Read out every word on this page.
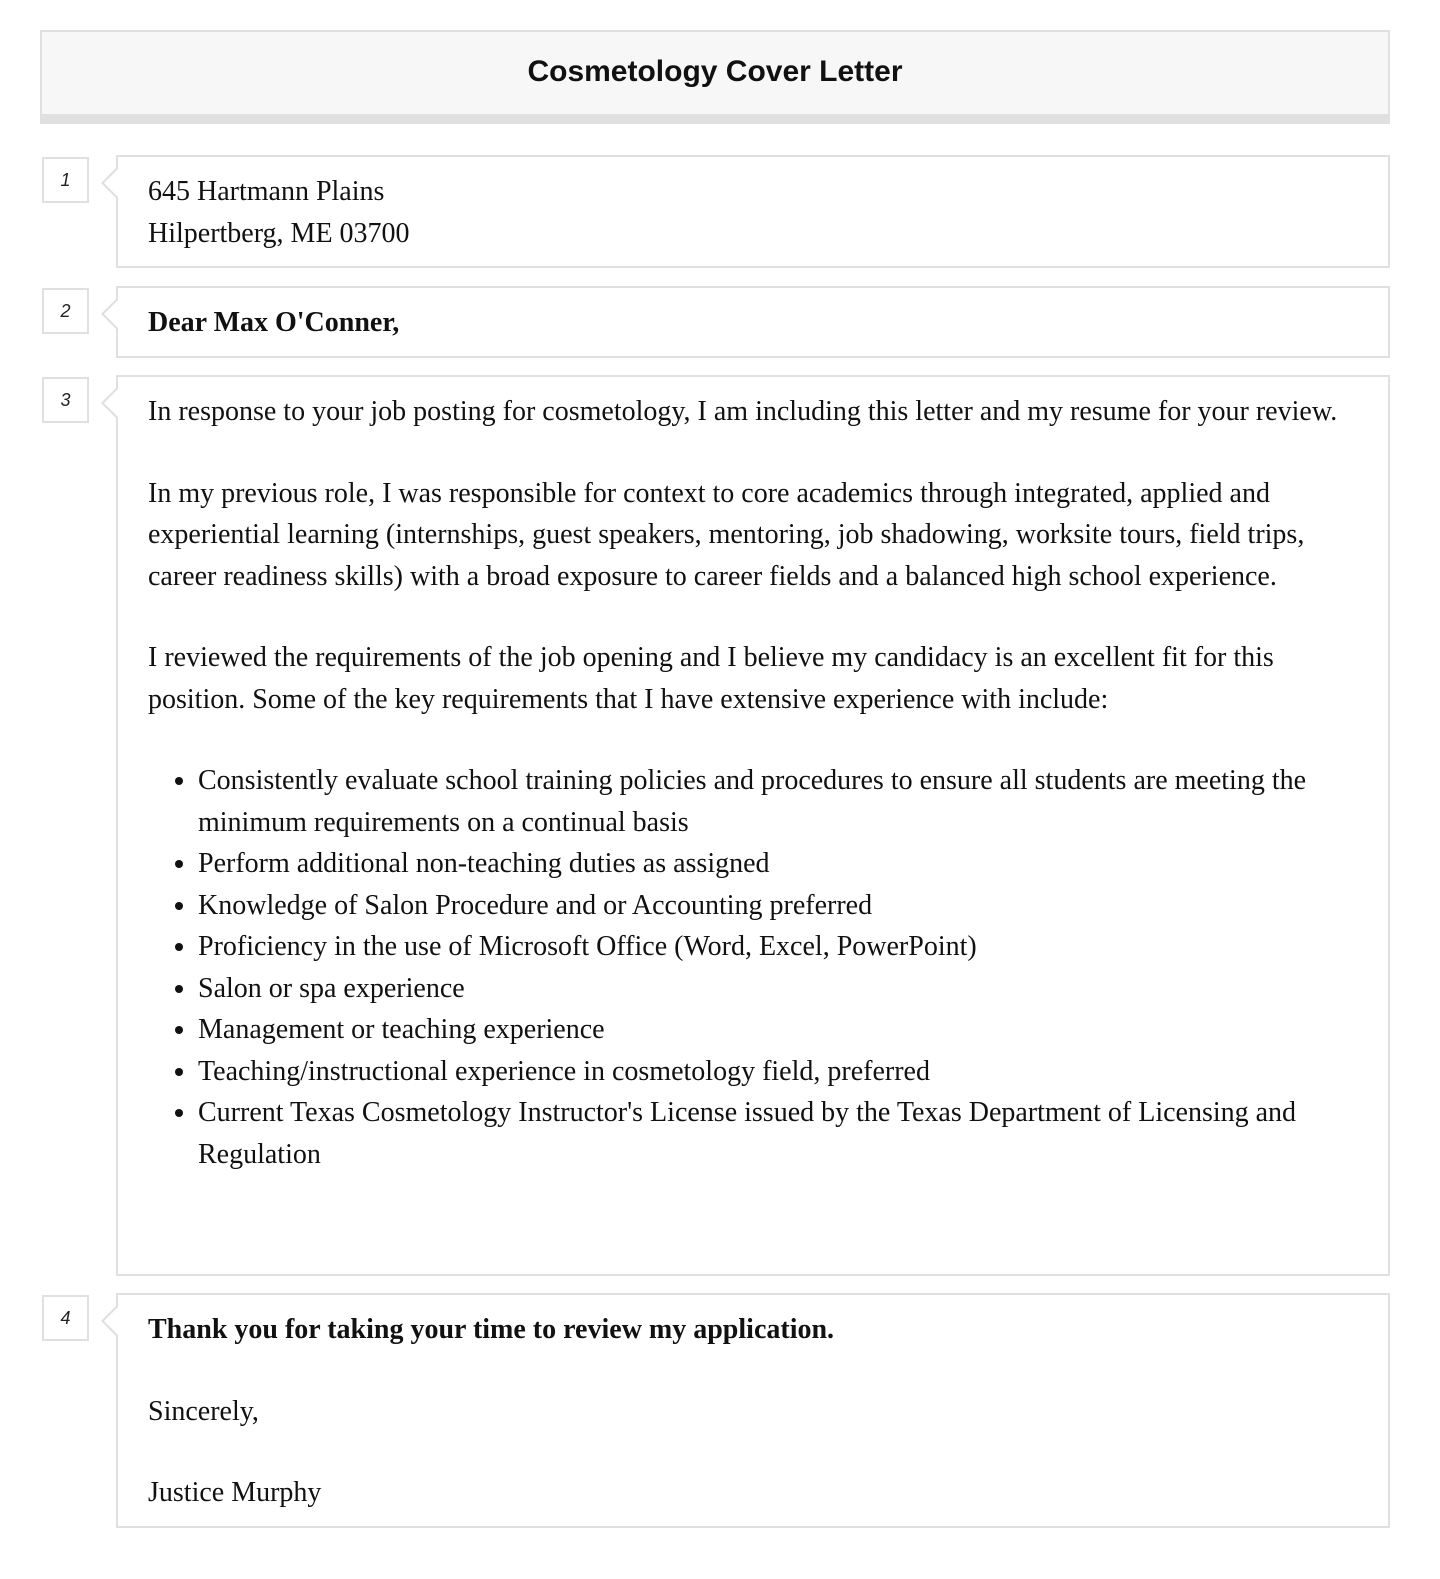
Cosmetology Cover Letter
1	645 Hartmann Plains

Hilpertberg, ME 03700

2	Dear Max O'Conner,

3	In response to your job posting for cosmetology, I am including this letter and my resume for your review.

In my previous role, I was responsible for context to core academics through integrated, applied and experiential learning (internships, guest speakers, mentoring, job shadowing, worksite tours, field trips, career readiness skills) with a broad exposure to career fields and a balanced high school experience.

I reviewed the requirements of the job opening and I believe my candidacy is an excellent fit for this position. Some of the key requirements that I have extensive experience with include:

• Consistently evaluate school training policies and procedures to ensure all students are meeting the minimum requirements on a continual basis
• Perform additional non-teaching duties as assigned
• Knowledge of Salon Procedure and or Accounting preferred
• Proficiency in the use of Microsoft Office (Word, Excel, PowerPoint)
• Salon or spa experience
• Management or teaching experience
• Teaching/instructional experience in cosmetology field, preferred
• Current Texas Cosmetology Instructor's License issued by the Texas Department of Licensing and Regulation
4	Thank you for taking your time to review my application.

Sincerely,

Justice Murphy
